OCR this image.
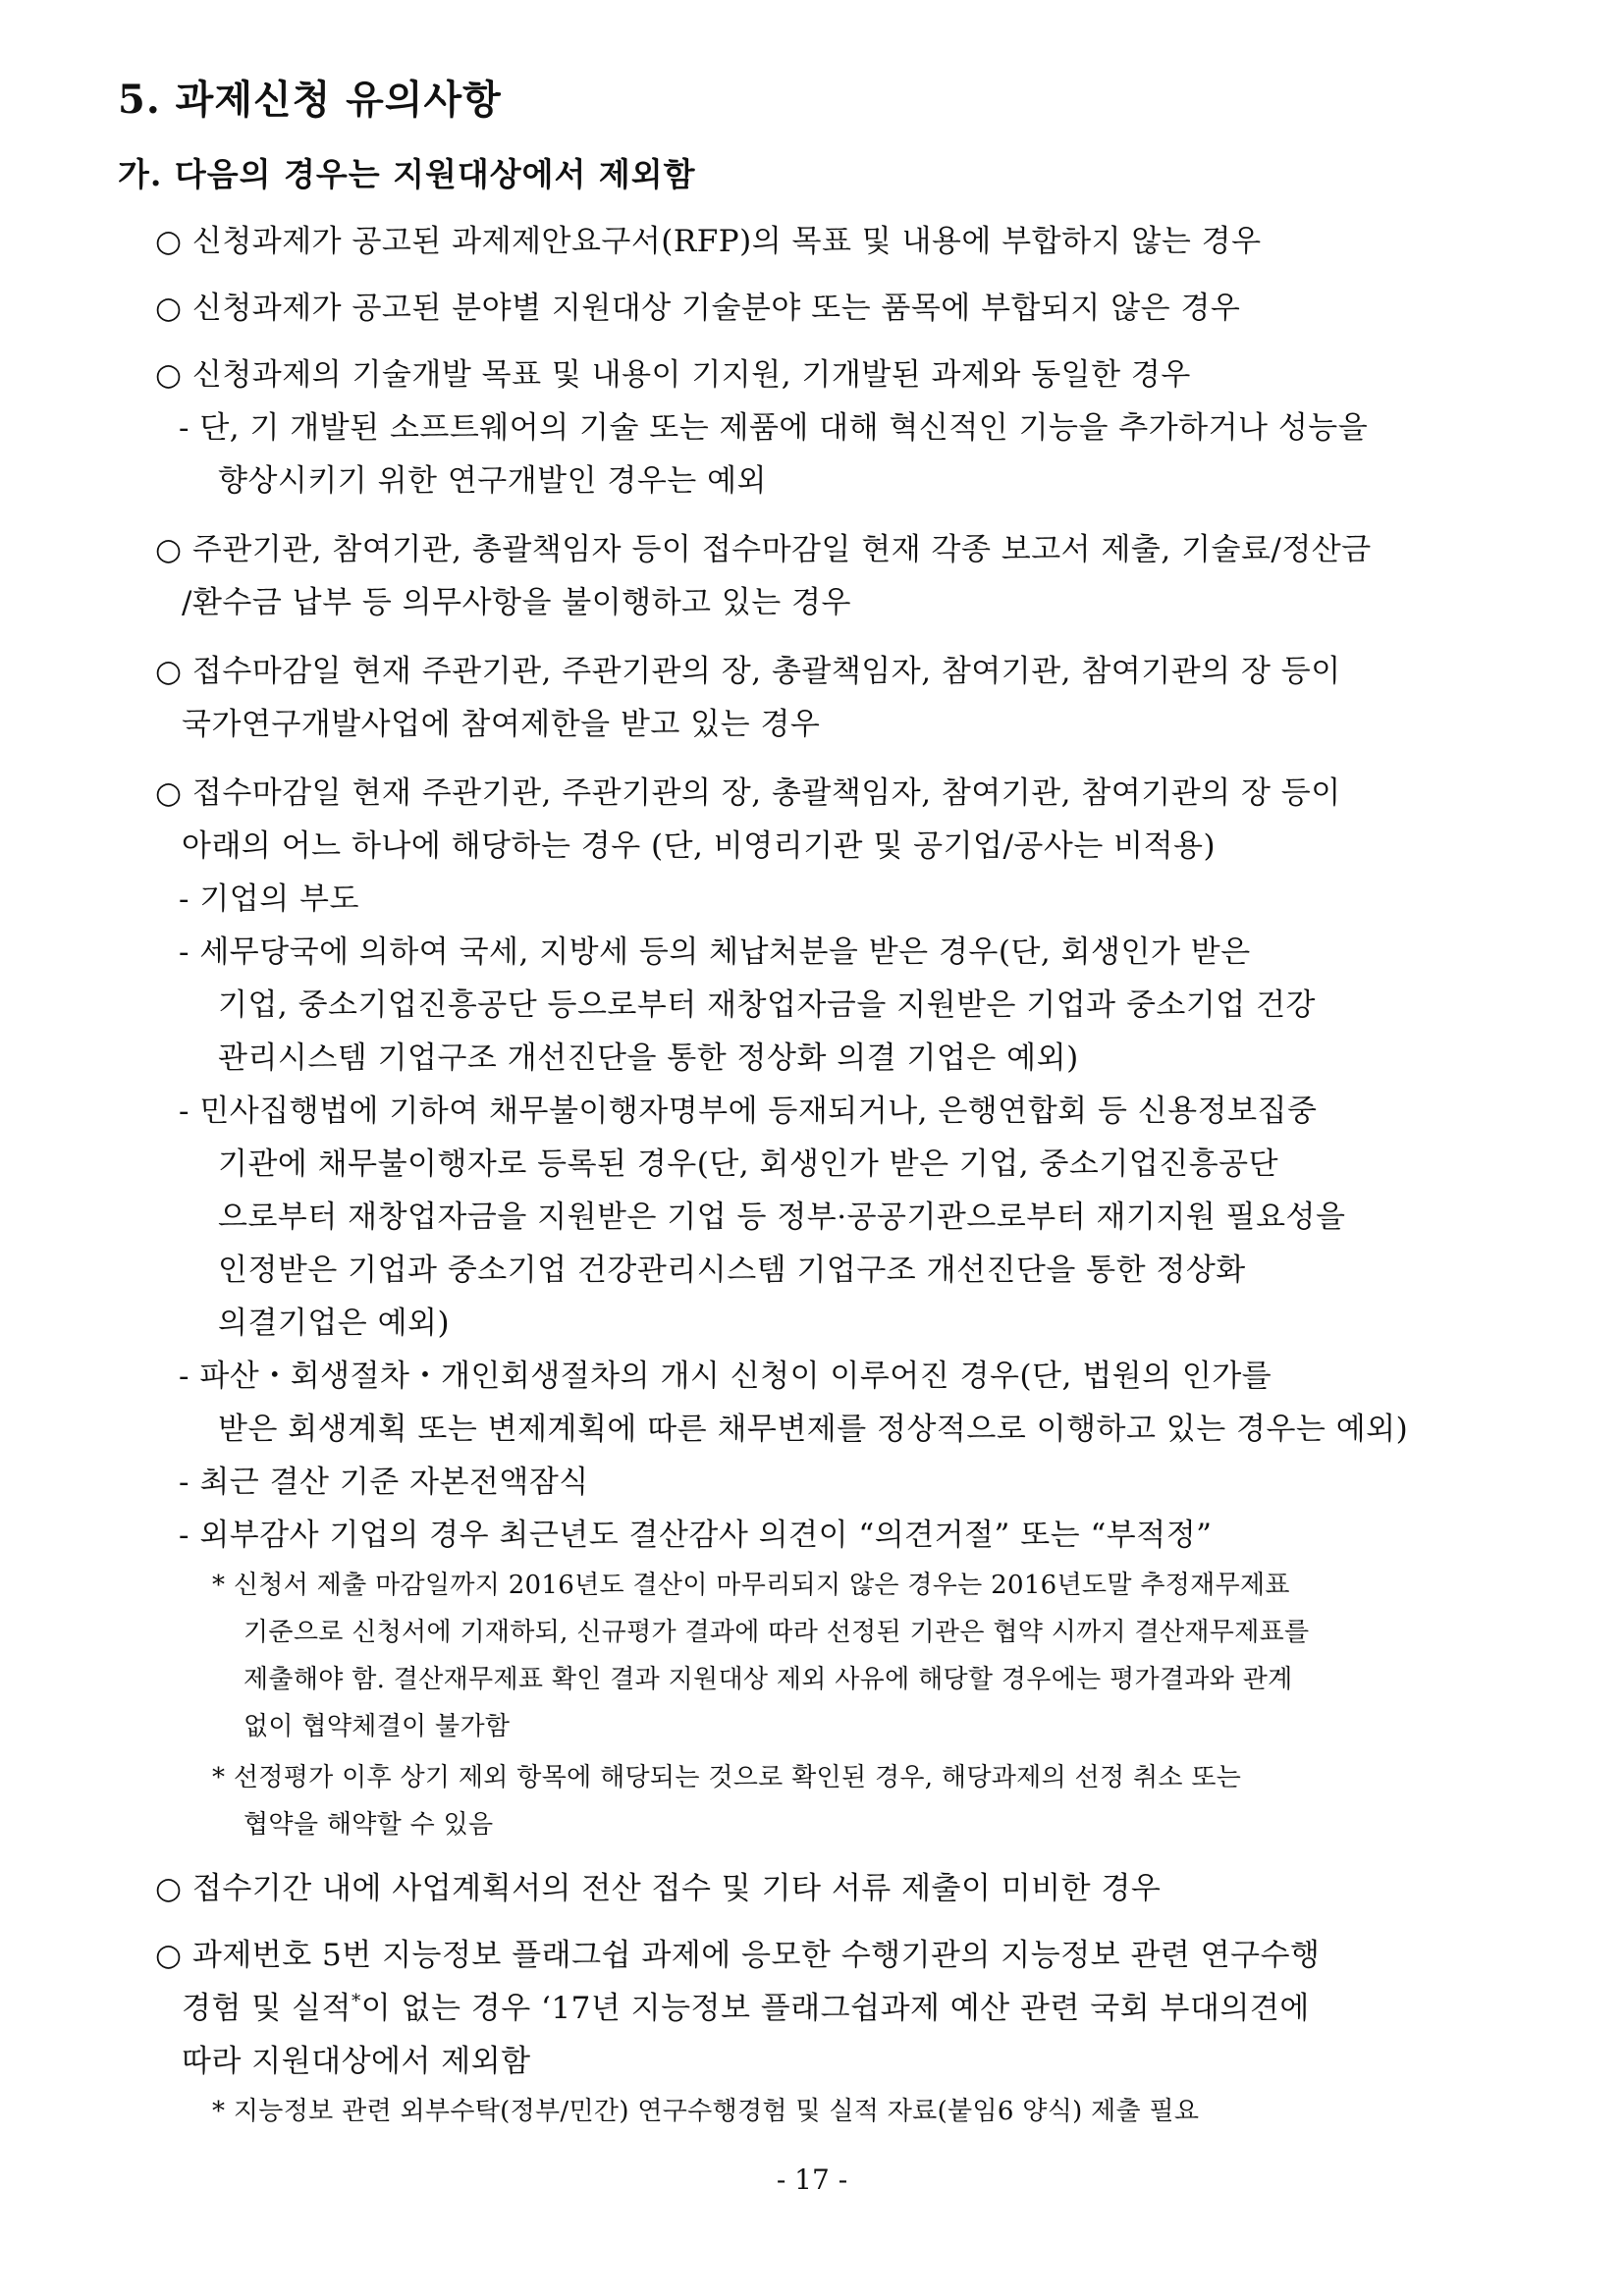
5. 과제신청 유의사항

가. 다음의 경우는 지원대상에서 제외함

○ 신청과제가 공고된 과제제안요구서(RFP)의 목표 및 내용에 부합하지 않는 경우

○ 신청과제가 공고된 분야별 지원대상 기술분야 또는 품목에 부합되지 않은 경우

○ 신청과제의 기술개발 목표 및 내용이 기지원, 기개발된 과제와 동일한 경우

- 단, 기 개발된 소프트웨어의 기술 또는 제품에 대해 혁신적인 기능을 추가하거나 성능을

향상시키기 위한 연구개발인 경우는 예외

○ 주관기관, 참여기관, 총괄책임자 등이 접수마감일 현재 각종 보고서 제출, 기술료/정산금

/환수금 납부 등 의무사항을 불이행하고 있는 경우

○ 접수마감일 현재 주관기관, 주관기관의 장, 총괄책임자, 참여기관, 참여기관의 장 등이

국가연구개발사업에 참여제한을 받고 있는 경우

○ 접수마감일 현재 주관기관, 주관기관의 장, 총괄책임자, 참여기관, 참여기관의 장 등이

아래의 어느 하나에 해당하는 경우 (단, 비영리기관 및 공기업/공사는 비적용)

- 기업의 부도

- 세무당국에 의하여 국세, 지방세 등의 체납처분을 받은 경우(단, 회생인가 받은

기업, 중소기업진흥공단 등으로부터 재창업자금을 지원받은 기업과 중소기업 건강

관리시스템 기업구조 개선진단을 통한 정상화 의결 기업은 예외)

- 민사집행법에 기하여 채무불이행자명부에 등재되거나, 은행연합회 등 신용정보집중

기관에 채무불이행자로 등록된 경우(단, 회생인가 받은 기업, 중소기업진흥공단

으로부터 재창업자금을 지원받은 기업 등 정부·공공기관으로부터 재기지원 필요성을

인정받은 기업과 중소기업 건강관리시스템 기업구조 개선진단을 통한 정상화

의결기업은 예외)

- 파산・회생절차・개인회생절차의 개시 신청이 이루어진 경우(단, 법원의 인가를

받은 회생계획 또는 변제계획에 따른 채무변제를 정상적으로 이행하고 있는 경우는 예외)

- 최근 결산 기준 자본전액잠식

- 외부감사 기업의 경우 최근년도 결산감사 의견이 “의견거절” 또는 “부적정”

* 신청서 제출 마감일까지 2016년도 결산이 마무리되지 않은 경우는 2016년도말 추정재무제표

기준으로 신청서에 기재하되, 신규평가 결과에 따라 선정된 기관은 협약 시까지 결산재무제표를

제출해야 함. 결산재무제표 확인 결과 지원대상 제외 사유에 해당할 경우에는 평가결과와 관계

없이 협약체결이 불가함

* 선정평가 이후 상기 제외 항목에 해당되는 것으로 확인된 경우, 해당과제의 선정 취소 또는

협약을 해약할 수 있음

○ 접수기간 내에 사업계획서의 전산 접수 및 기타 서류 제출이 미비한 경우

○ 과제번호 5번 지능정보 플래그쉽 과제에 응모한 수행기관의 지능정보 관련 연구수행

경험 및 실적*이 없는 경우 ‘17년 지능정보 플래그쉽과제 예산 관련 국회 부대의견에

따라 지원대상에서 제외함

* 지능정보 관련 외부수탁(정부/민간) 연구수행경험 및 실적 자료(붙임6 양식) 제출 필요

- 17 -
